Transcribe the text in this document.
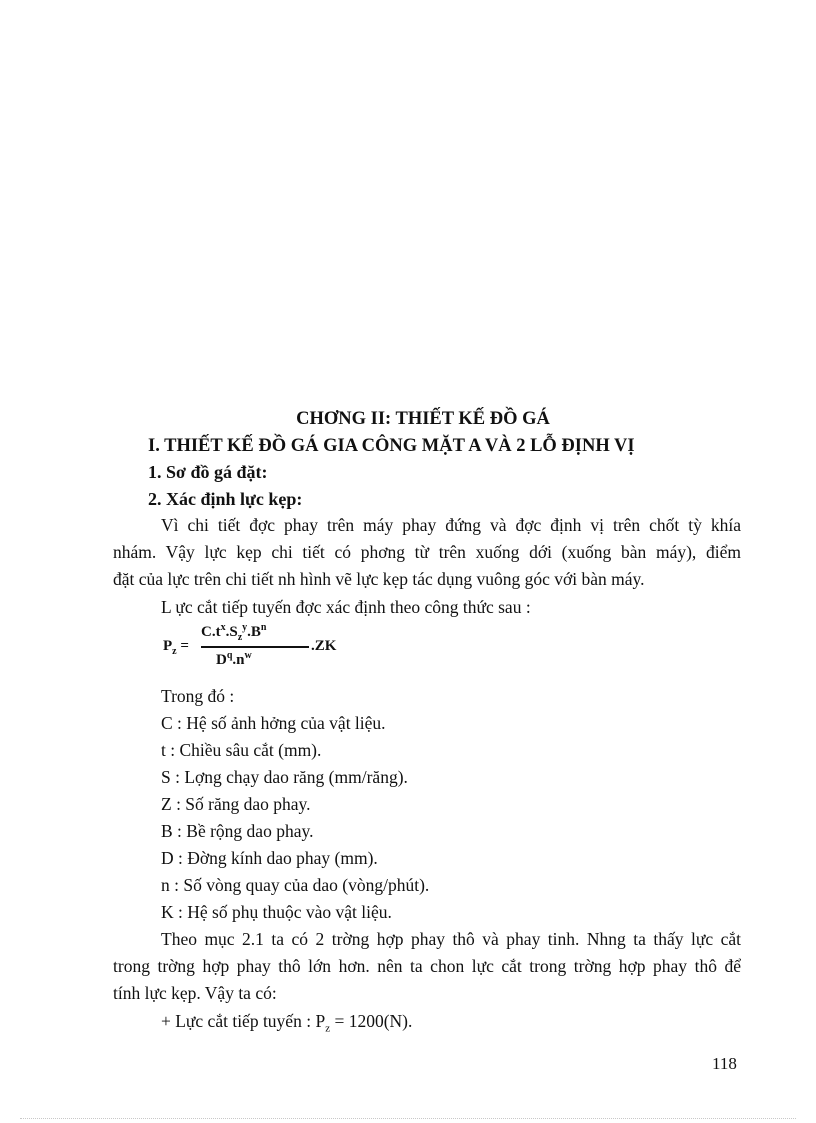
CHƠNG II: THIẾT KẾ ĐỒ GÁ
I. THIẾT KẾ ĐỒ GÁ GIA CÔNG MẶT A VÀ 2 LỖ ĐỊNH VỊ
1. Sơ đồ gá đặt:
2. Xác định lực kẹp:
Vì chi tiết đợc phay trên máy phay đứng và đợc định vị trên chốt tỳ khía
nhám. Vậy lực kẹp chi tiết có phơng từ trên xuống dới (xuống bàn máy), điểm
đặt của lực trên chi tiết nh hình vẽ lực kẹp tác dụng vuông góc với bàn máy.
L ực cắt tiếp tuyến đợc xác định theo công thức sau :
$P_z$ =
$C.t^x.S_z^y.B^n$
$D^q.n^w$
.ZK
Trong đó :
C : Hệ số ảnh hởng của vật liệu.
t : Chiều sâu cắt (mm).
S : Lợng chạy dao răng (mm/răng).
Z : Số răng dao phay.
B : Bề rộng dao phay.
D : Đờng kính dao phay (mm).
n : Số vòng quay của dao (vòng/phút).
K : Hệ số phụ thuộc vào vật liệu.
Theo mục 2.1 ta có 2 trờng hợp phay thô và phay tinh. Nhng ta thấy lực cắt
trong trờng hợp phay thô lớn hơn. nên ta chon lực cắt trong trờng hợp phay thô để
tính lực kẹp. Vậy ta có:
+ Lực cắt tiếp tuyến : $P_z = 1200(N)$.
118
